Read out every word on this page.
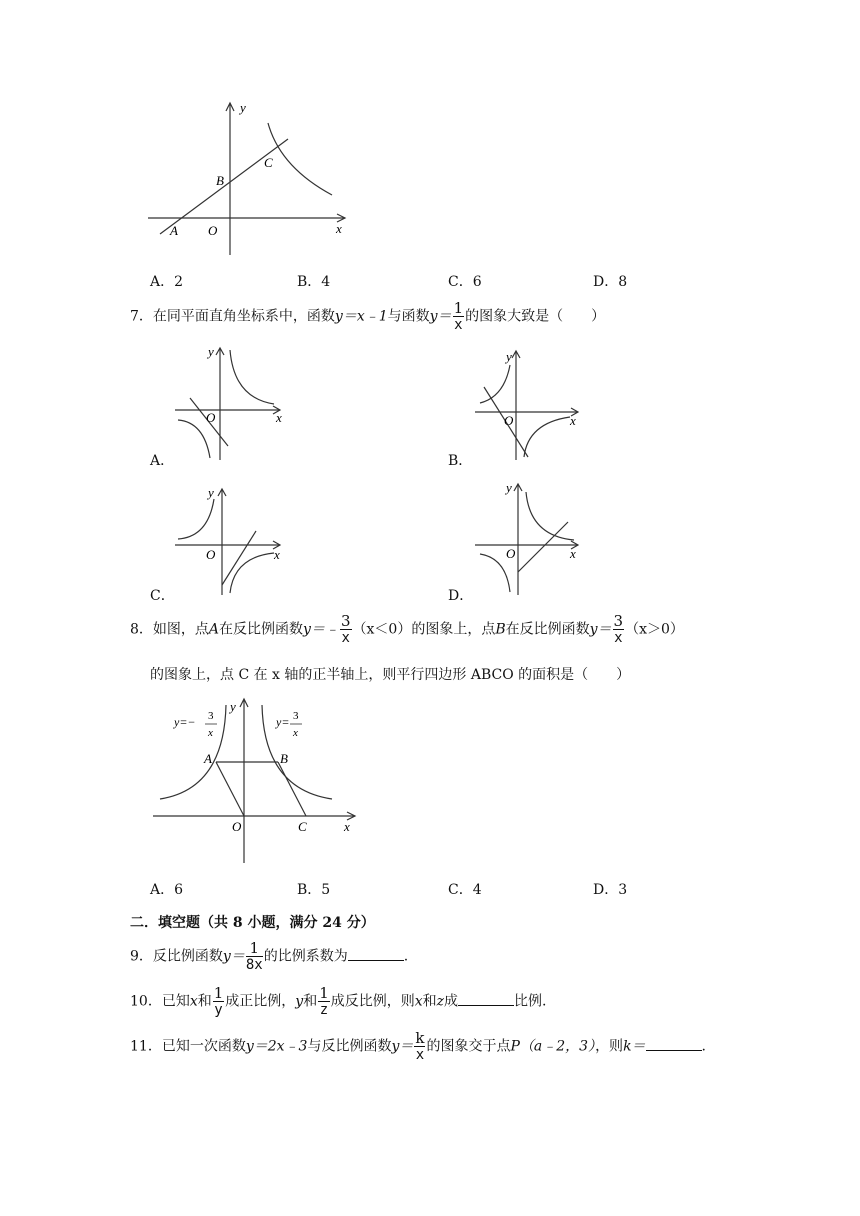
y
x
O
A
B
C
A．2	B．4	C．6	D．8
7．在同平面直角坐标系中，函数y＝x﹣1与函数$y= \frac{1}{x}$ 的图象大致是（　　）
y
x
O
A．
y
x
O
B．
y
x
O
C．
y
x
O
D．
8．如图，点A在反比例函数y＝﹣ $\frac{3}{x} (x<0)$的图象上，点B在反比例函数$y= \frac{3}{x} (x>0)$
的图象上，点 C 在 x 轴的正半轴上，则平行四边形 ABCO 的面积是（　　）
y=− 3
x
y= 3
x
y
x
A	B
O	C
A．6	B．5	C．4	D．3
二．填空题（共 8 小题，满分 24 分）
9．反比例函数$y= \frac{1}{8x}$ 的比例系数为	.
10．已知x和 $\frac{1}{y}$ 成正比例，y和 $\frac{1}{z}$ 成反比例，则x和z成	比例.
11．已知一次函数y＝2x﹣3与反比例函数$y= \frac{k}{x}$ 的图象交于点P（a﹣2，3），则k＝	.
